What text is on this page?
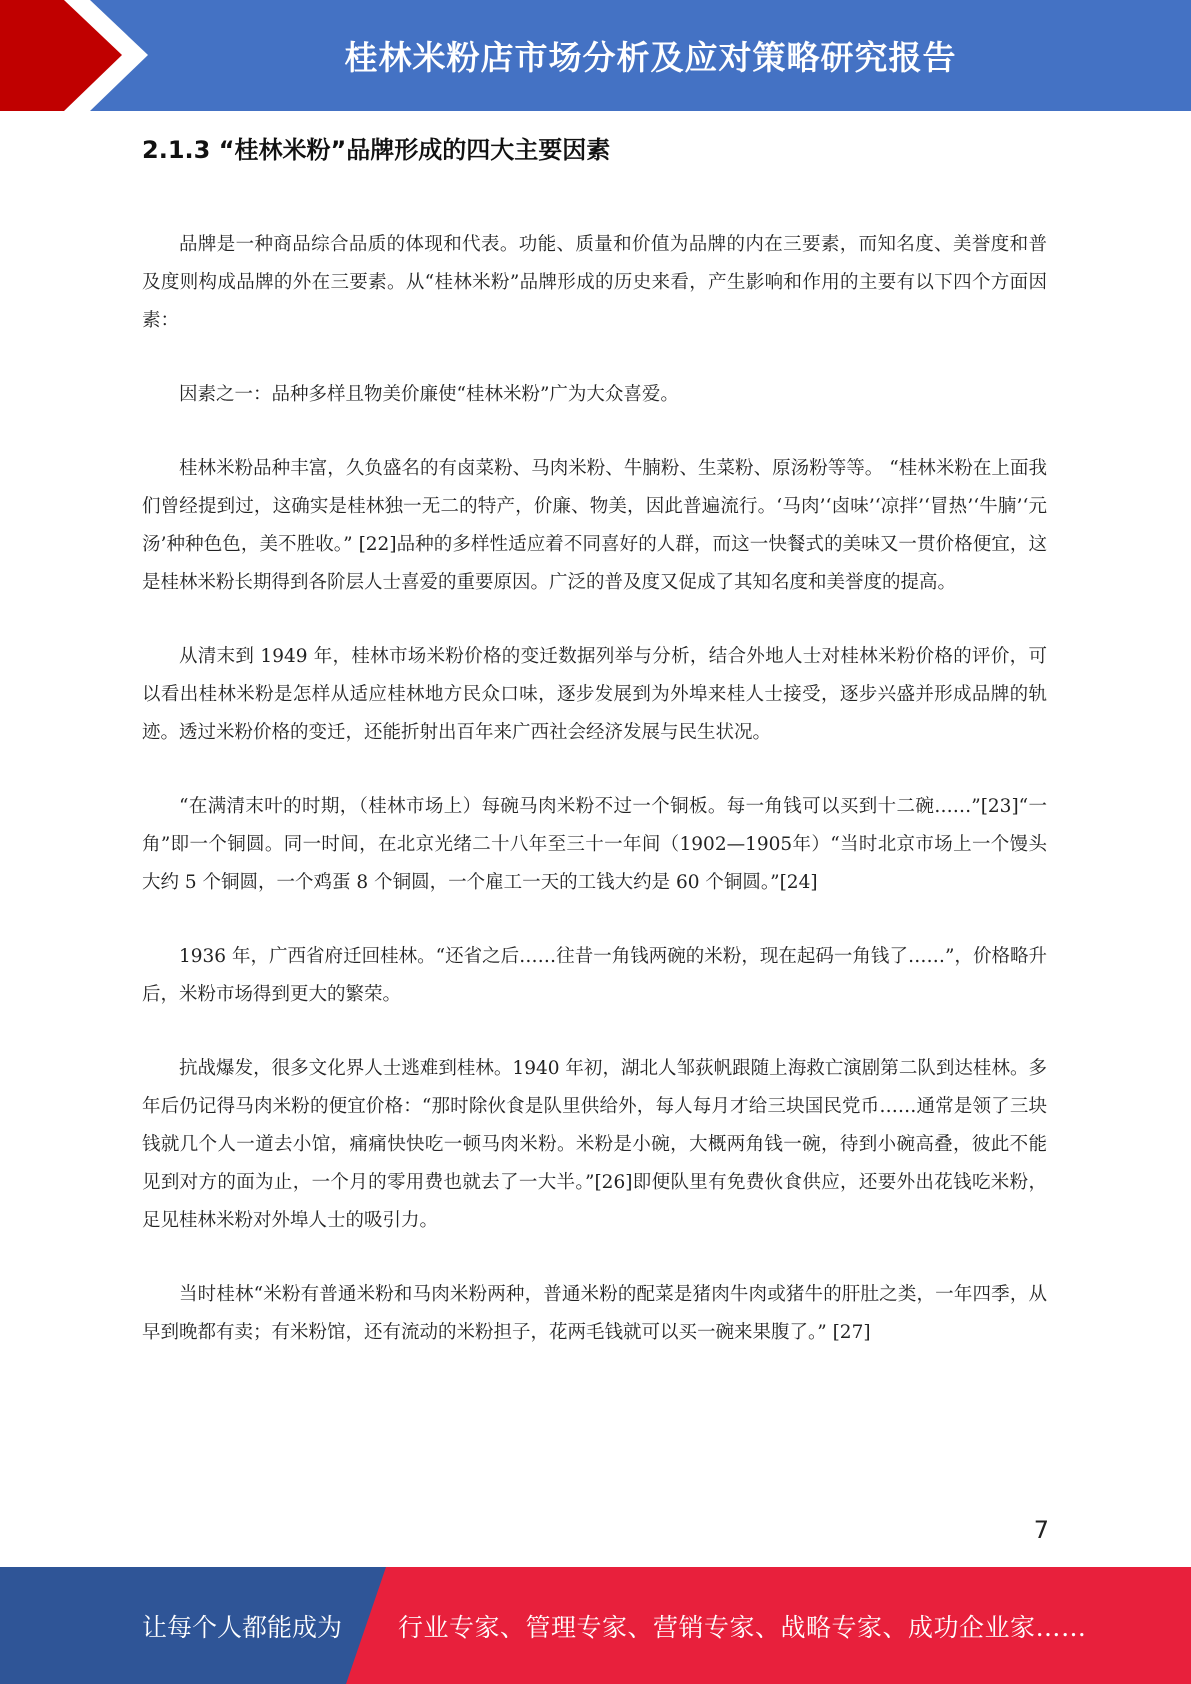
桂林米粉店市场分析及应对策略研究报告
2.1.3 “桂林米粉”品牌形成的四大主要因素

品牌是一种商品综合品质的体现和代表。功能、质量和价值为品牌的内在三要素，而知名度、美誉度和普及度则构成品牌的外在三要素。从“桂林米粉”品牌形成的历史来看，产生影响和作用的主要有以下四个方面因素：

因素之一：品种多样且物美价廉使“桂林米粉”广为大众喜爱。

桂林米粉品种丰富，久负盛名的有卤菜粉、马肉米粉、牛腩粉、生菜粉、原汤粉等等。 “桂林米粉在上面我们曾经提到过，这确实是桂林独一无二的特产，价廉、物美，因此普遍流行。‘马肉’‘卤味’‘凉拌’‘冒热’‘牛腩’‘元汤’种种色色，美不胜收。” [22]品种的多样性适应着不同喜好的人群，而这一快餐式的美味又一贯价格便宜，这是桂林米粉长期得到各阶层人士喜爱的重要原因。广泛的普及度又促成了其知名度和美誉度的提高。

从清末到 1949 年，桂林市场米粉价格的变迁数据列举与分析，结合外地人士对桂林米粉价格的评价，可以看出桂林米粉是怎样从适应桂林地方民众口味，逐步发展到为外埠来桂人士接受，逐步兴盛并形成品牌的轨迹。透过米粉价格的变迁，还能折射出百年来广西社会经济发展与民生状况。

“在满清末叶的时期，（桂林市场上）每碗马肉米粉不过一个铜板。每一角钱可以买到十二碗……”[23]“一角”即一个铜圆。同一时间，在北京光绪二十八年至三十一年间（1902—1905年）“当时北京市场上一个馒头大约 5 个铜圆，一个鸡蛋 8 个铜圆，一个雇工一天的工钱大约是 60 个铜圆。”[24]

1936 年，广西省府迁回桂林。“还省之后……往昔一角钱两碗的米粉，现在起码一角钱了……”，价格略升后，米粉市场得到更大的繁荣。

抗战爆发，很多文化界人士逃难到桂林。1940 年初，湖北人邹荻帆跟随上海救亡演剧第二队到达桂林。多年后仍记得马肉米粉的便宜价格：“那时除伙食是队里供给外，每人每月才给三块国民党币……通常是领了三块钱就几个人一道去小馆，痛痛快快吃一顿马肉米粉。米粉是小碗，大概两角钱一碗，待到小碗高叠，彼此不能见到对方的面为止，一个月的零用费也就去了一大半。”[26]即便队里有免费伙食供应，还要外出花钱吃米粉，足见桂林米粉对外埠人士的吸引力。

当时桂林“米粉有普通米粉和马肉米粉两种，普通米粉的配菜是猪肉牛肉或猪牛的肝肚之类，一年四季，从早到晚都有卖；有米粉馆，还有流动的米粉担子，花两毛钱就可以买一碗来果腹了。” [27]

7
让每个人都能成为 行业专家、管理专家、营销专家、战略专家、成功企业家……
